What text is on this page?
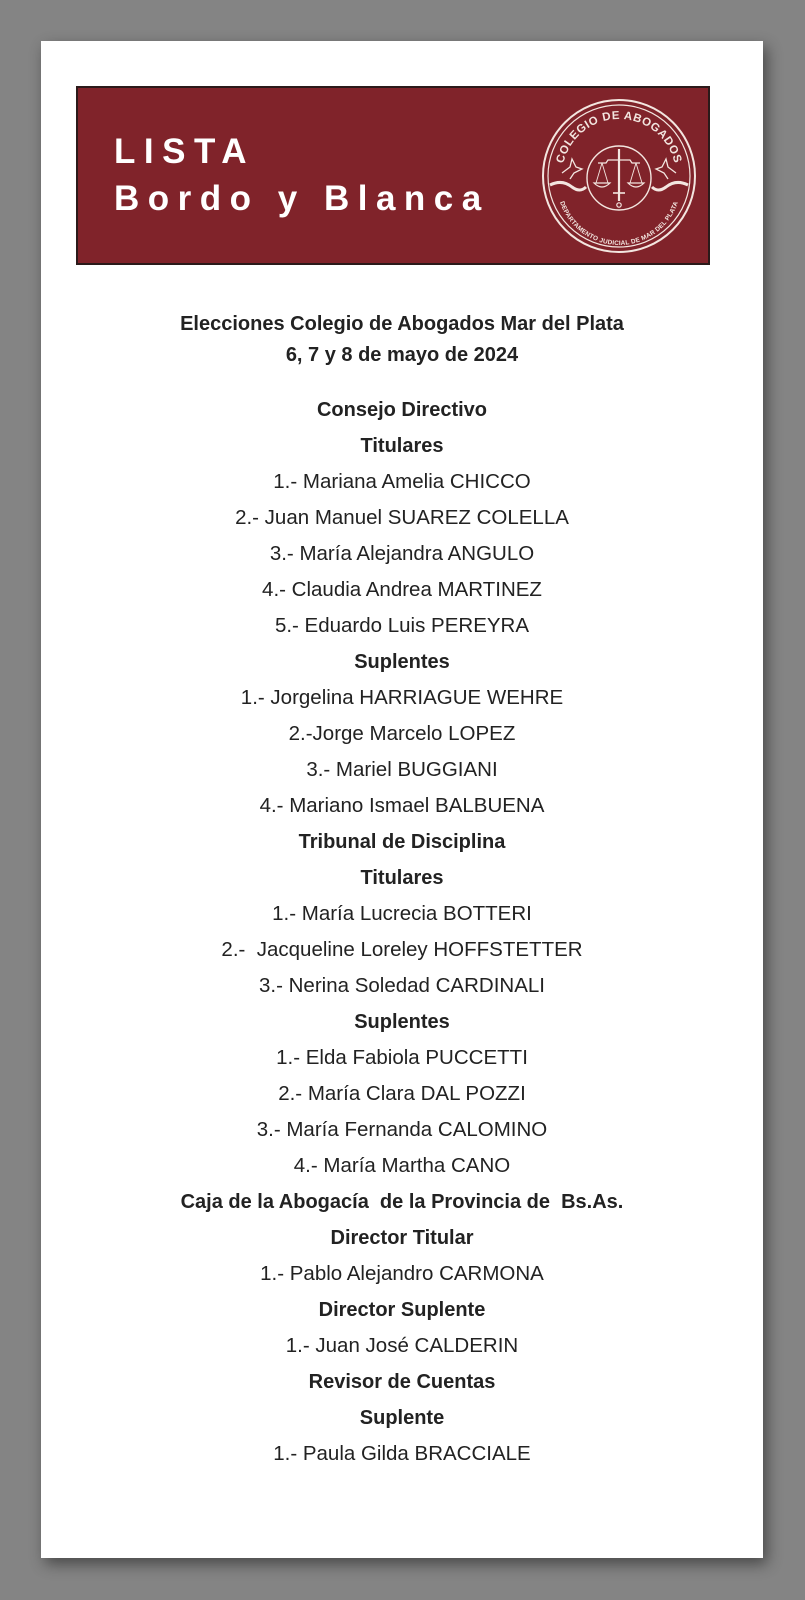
LISTA
Bordo y Blanca
COLEGIO DE ABOGADOS
DEPARTAMENTO JUDICIAL DE MAR DEL PLATA

Elecciones Colegio de Abogados Mar del Plata

6, 7 y 8 de mayo de 2024

Consejo Directivo

Titulares

1.- Mariana Amelia CHICCO

2.- Juan Manuel SUAREZ COLELLA

3.- María Alejandra ANGULO

4.- Claudia Andrea MARTINEZ

5.- Eduardo Luis PEREYRA

Suplentes

1.- Jorgelina HARRIAGUE WEHRE

2.-Jorge Marcelo LOPEZ

3.- Mariel BUGGIANI

4.- Mariano Ismael BALBUENA

Tribunal de Disciplina

Titulares

1.- María Lucrecia BOTTERI

2.-  Jacqueline Loreley HOFFSTETTER

3.- Nerina Soledad CARDINALI

Suplentes

1.- Elda Fabiola PUCCETTI

2.- María Clara DAL POZZI

3.- María Fernanda CALOMINO

4.- María Martha CANO

Caja de la Abogacía  de la Provincia de  Bs.As.

Director Titular

1.- Pablo Alejandro CARMONA

Director Suplente

1.- Juan José CALDERIN

Revisor de Cuentas

Suplente

1.- Paula Gilda BRACCIALE
